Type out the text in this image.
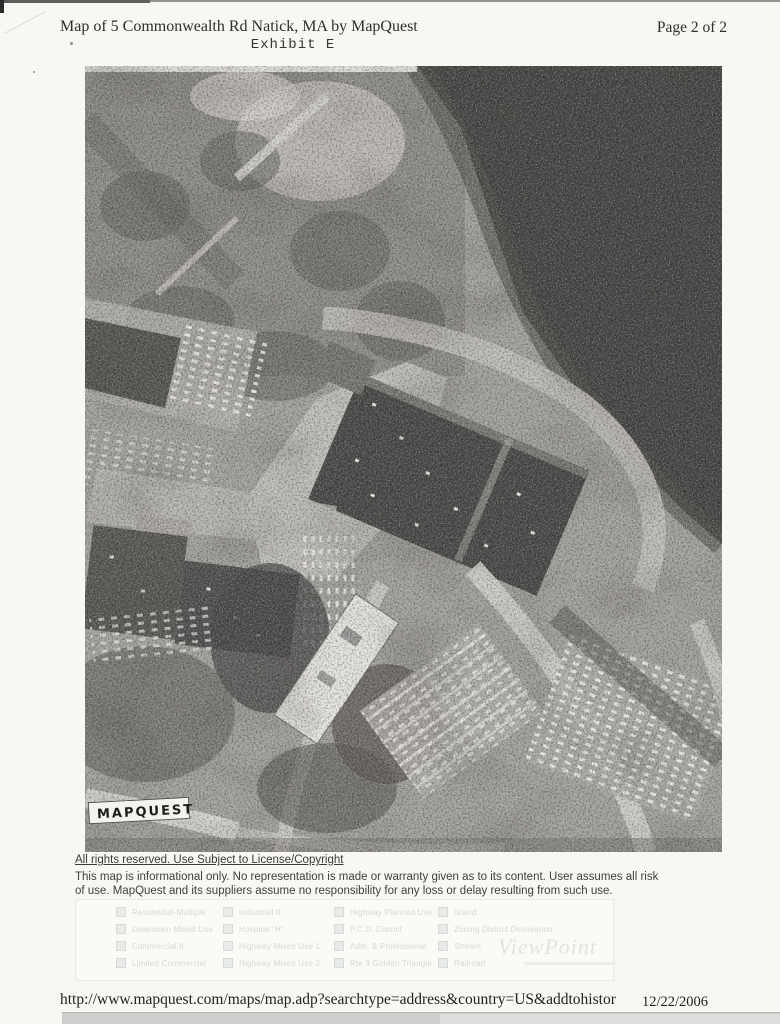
Map of 5 Commonwealth Rd Natick, MA by MapQuest	Page 2 of 2
Exhibit E
MAPQUEST
All rights reserved. Use Subject to License/Copyright
This map is informational only. No representation is made or warranty given as to its content. User assumes all risk
of use. MapQuest and its suppliers assume no responsibility for any loss or delay resulting from such use.
Residential-Multiple
Downtown Mixed Use
Commercial II
Limited Commercial
Industrial II
Hospital "H"
Highway Mixed Use 1
Highway Mixed Use 2
Highway Planned Use
P.C.D. District
Adm. & Professional
Rte 9 Golden Triangle
Island
Zoning District Delineation
Stream
Railroad
ViewPoint
http://www.mapquest.com/maps/map.adp?searchtype=address&country=US&addtohistor 12/22/2006
